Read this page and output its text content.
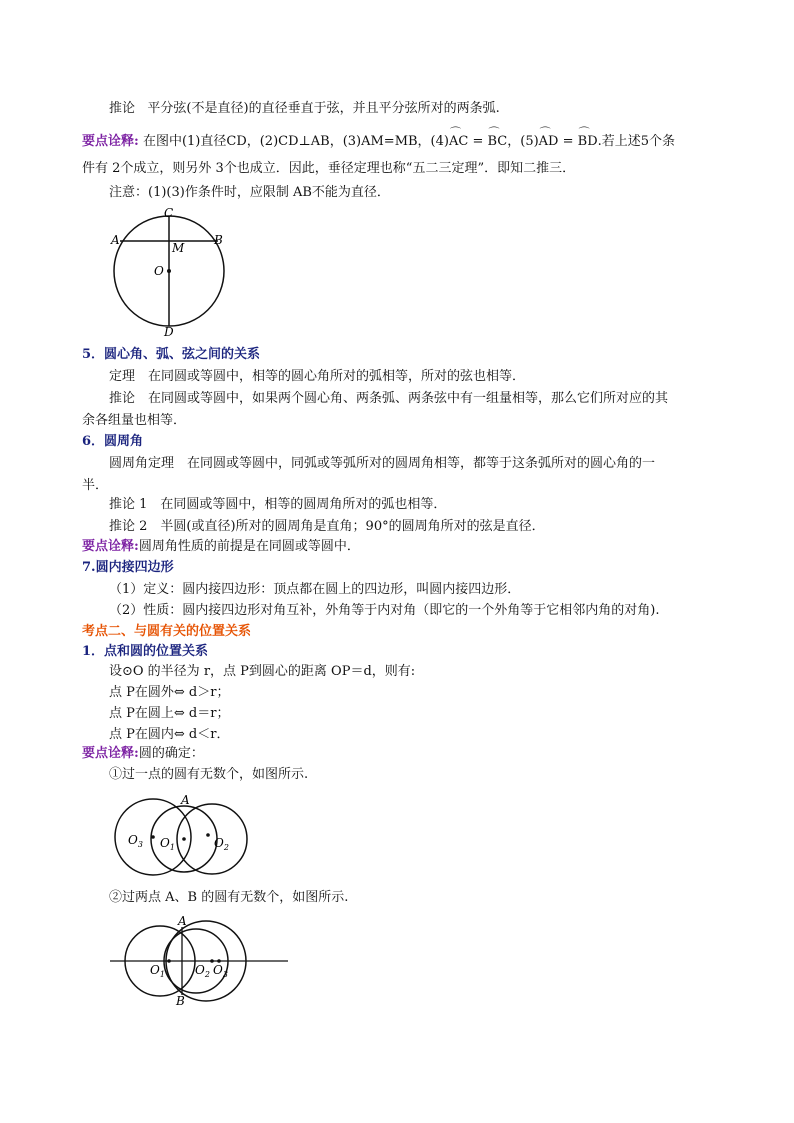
推论 平分弦(不是直径)的直径垂直于弦，并且平分弦所对的两条弧.
要点诠释: 在图中(1)直径CD，(2)CD⊥AB，(3)AM=MB，(4)⌒ AC = ⌒ BC，(5)⌒ AD = ⌒ BD.若上述5个条
件有 2个成立，则另外 3个也成立．因此，垂径定理也称“五二三定理”．即知二推三．
注意：(1)(3)作条件时，应限制 AB不能为直径．
A	B
C
D
M
O
5．圆心角、弧、弦之间的关系
定理　在同圆或等圆中，相等的圆心角所对的弧相等，所对的弦也相等．
推论　在同圆或等圆中，如果两个圆心角、两条弧、两条弦中有一组量相等，那么它们所对应的其
余各组量也相等．
6．圆周角
圆周角定理　在同圆或等圆中，同弧或等弧所对的圆周角相等，都等于这条弧所对的圆心角的一
半．
推论 1　在同圆或等圆中，相等的圆周角所对的弧也相等．
推论 2　半圆(或直径)所对的圆周角是直角；90°的圆周角所对的弦是直径．
要点诠释:圆周角性质的前提是在同圆或等圆中．
7.圆内接四边形
（1）定义：圆内接四边形：顶点都在圆上的四边形，叫圆内接四边形．
（2）性质：圆内接四边形对角互补，外角等于内对角（即它的一个外角等于它相邻内角的对角).
考点二、与圆有关的位置关系
1．点和圆的位置关系
设⊙O 的半径为 r，点 P到圆心的距离 OP＝d，则有:
点 P在圆外⇔ d＞r；
点 P在圆上⇔ d＝r；
点 P在圆内⇔ d＜r．
要点诠释:圆的确定：
①过一点的圆有无数个，如图所示.
A
$O_3$ $O_1$	$O_2$
②过两点 A、B 的圆有无数个，如图所示.
A
B
$O_1$	$O_2$ $O_3$
